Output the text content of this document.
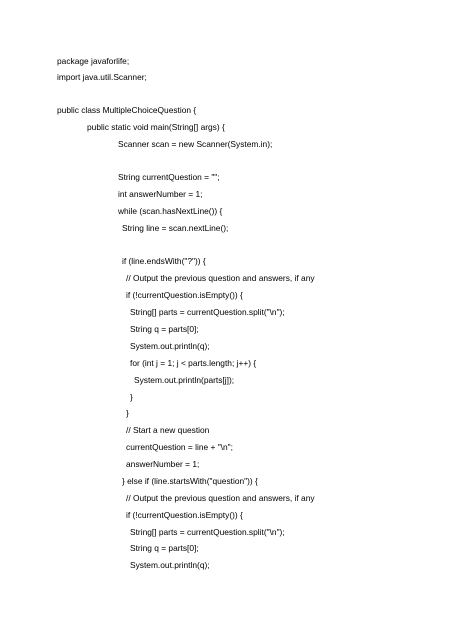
package javaforlife;
import java.util.Scanner;
public class MultipleChoiceQuestion {
public static void main(String[] args) {
Scanner scan = new Scanner(System.in);
String currentQuestion = "";
int answerNumber = 1;
while (scan.hasNextLine()) {
String line = scan.nextLine();
if (line.endsWith("?")) {
// Output the previous question and answers, if any
if (!currentQuestion.isEmpty()) {
String[] parts = currentQuestion.split("\n");
String q = parts[0];
System.out.println(q);
for (int j = 1; j < parts.length; j++) {
System.out.println(parts[j]);
}
}
// Start a new question
currentQuestion = line + "\n";
answerNumber = 1;
} else if (line.startsWith("question")) {
// Output the previous question and answers, if any
if (!currentQuestion.isEmpty()) {
String[] parts = currentQuestion.split("\n");
String q = parts[0];
System.out.println(q);
